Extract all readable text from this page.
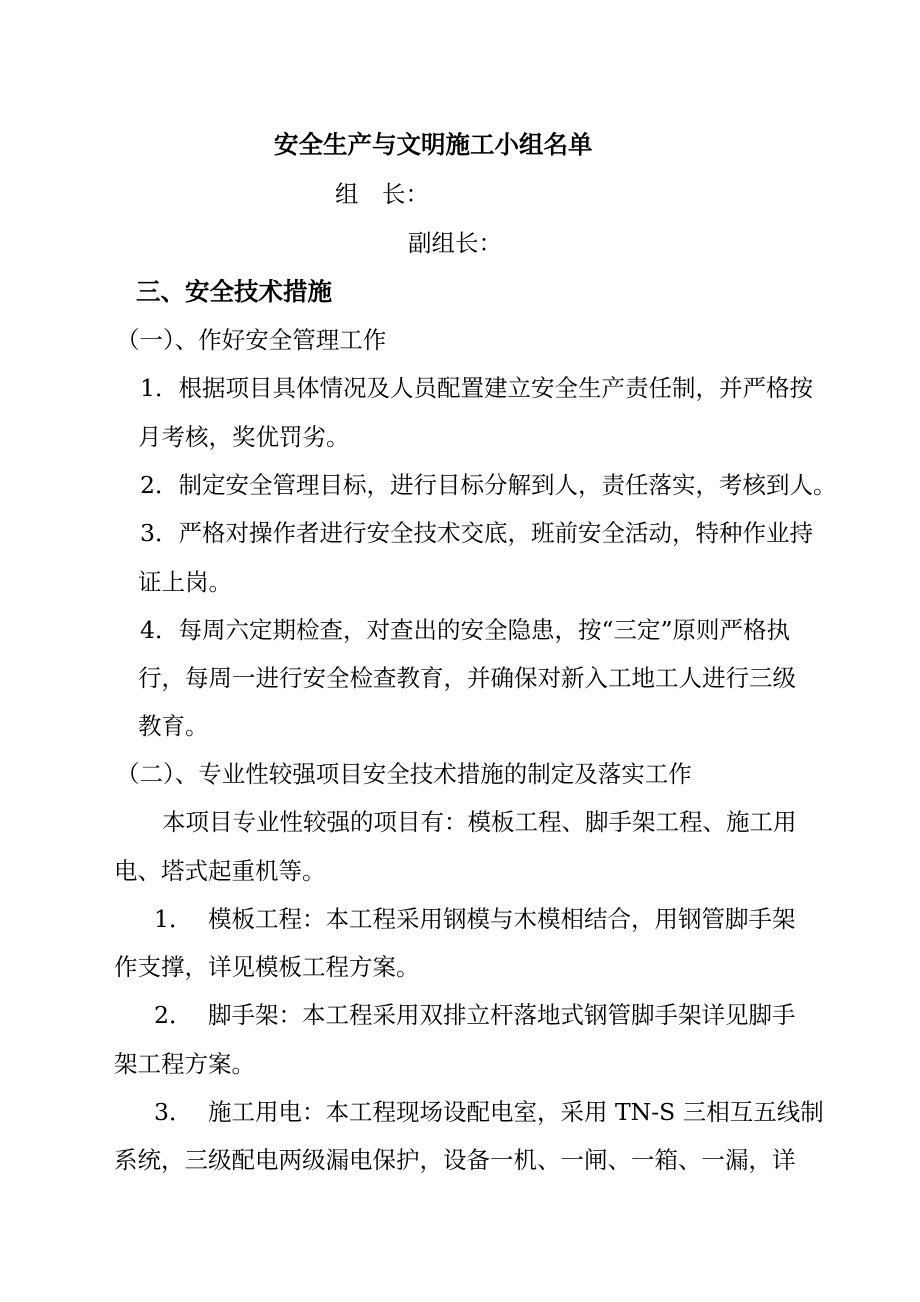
安全生产与文明施工小组名单

组　长：

副组长：

三、安全技术措施

（一）、作好安全管理工作

1．根据项目具体情况及人员配置建立安全生产责任制，并严格按

月考核，奖优罚劣。

2．制定安全管理目标，进行目标分解到人，责任落实，考核到人。

3．严格对操作者进行安全技术交底，班前安全活动，特种作业持

证上岗。

4．每周六定期检查，对查出的安全隐患，按“三定”原则严格执

行，每周一进行安全检查教育，并确保对新入工地工人进行三级

教育。

（二）、专业性较强项目安全技术措施的制定及落实工作

本项目专业性较强的项目有：模板工程、脚手架工程、施工用

电、塔式起重机等。

1． 模板工程：本工程采用钢模与木模相结合，用钢管脚手架

作支撑，详见模板工程方案。

2． 脚手架：本工程采用双排立杆落地式钢管脚手架详见脚手

架工程方案。

3． 施工用电：本工程现场设配电室，采用 TN-S 三相互五线制

系统，三级配电两级漏电保护，设备一机、一闸、一箱、一漏，详
